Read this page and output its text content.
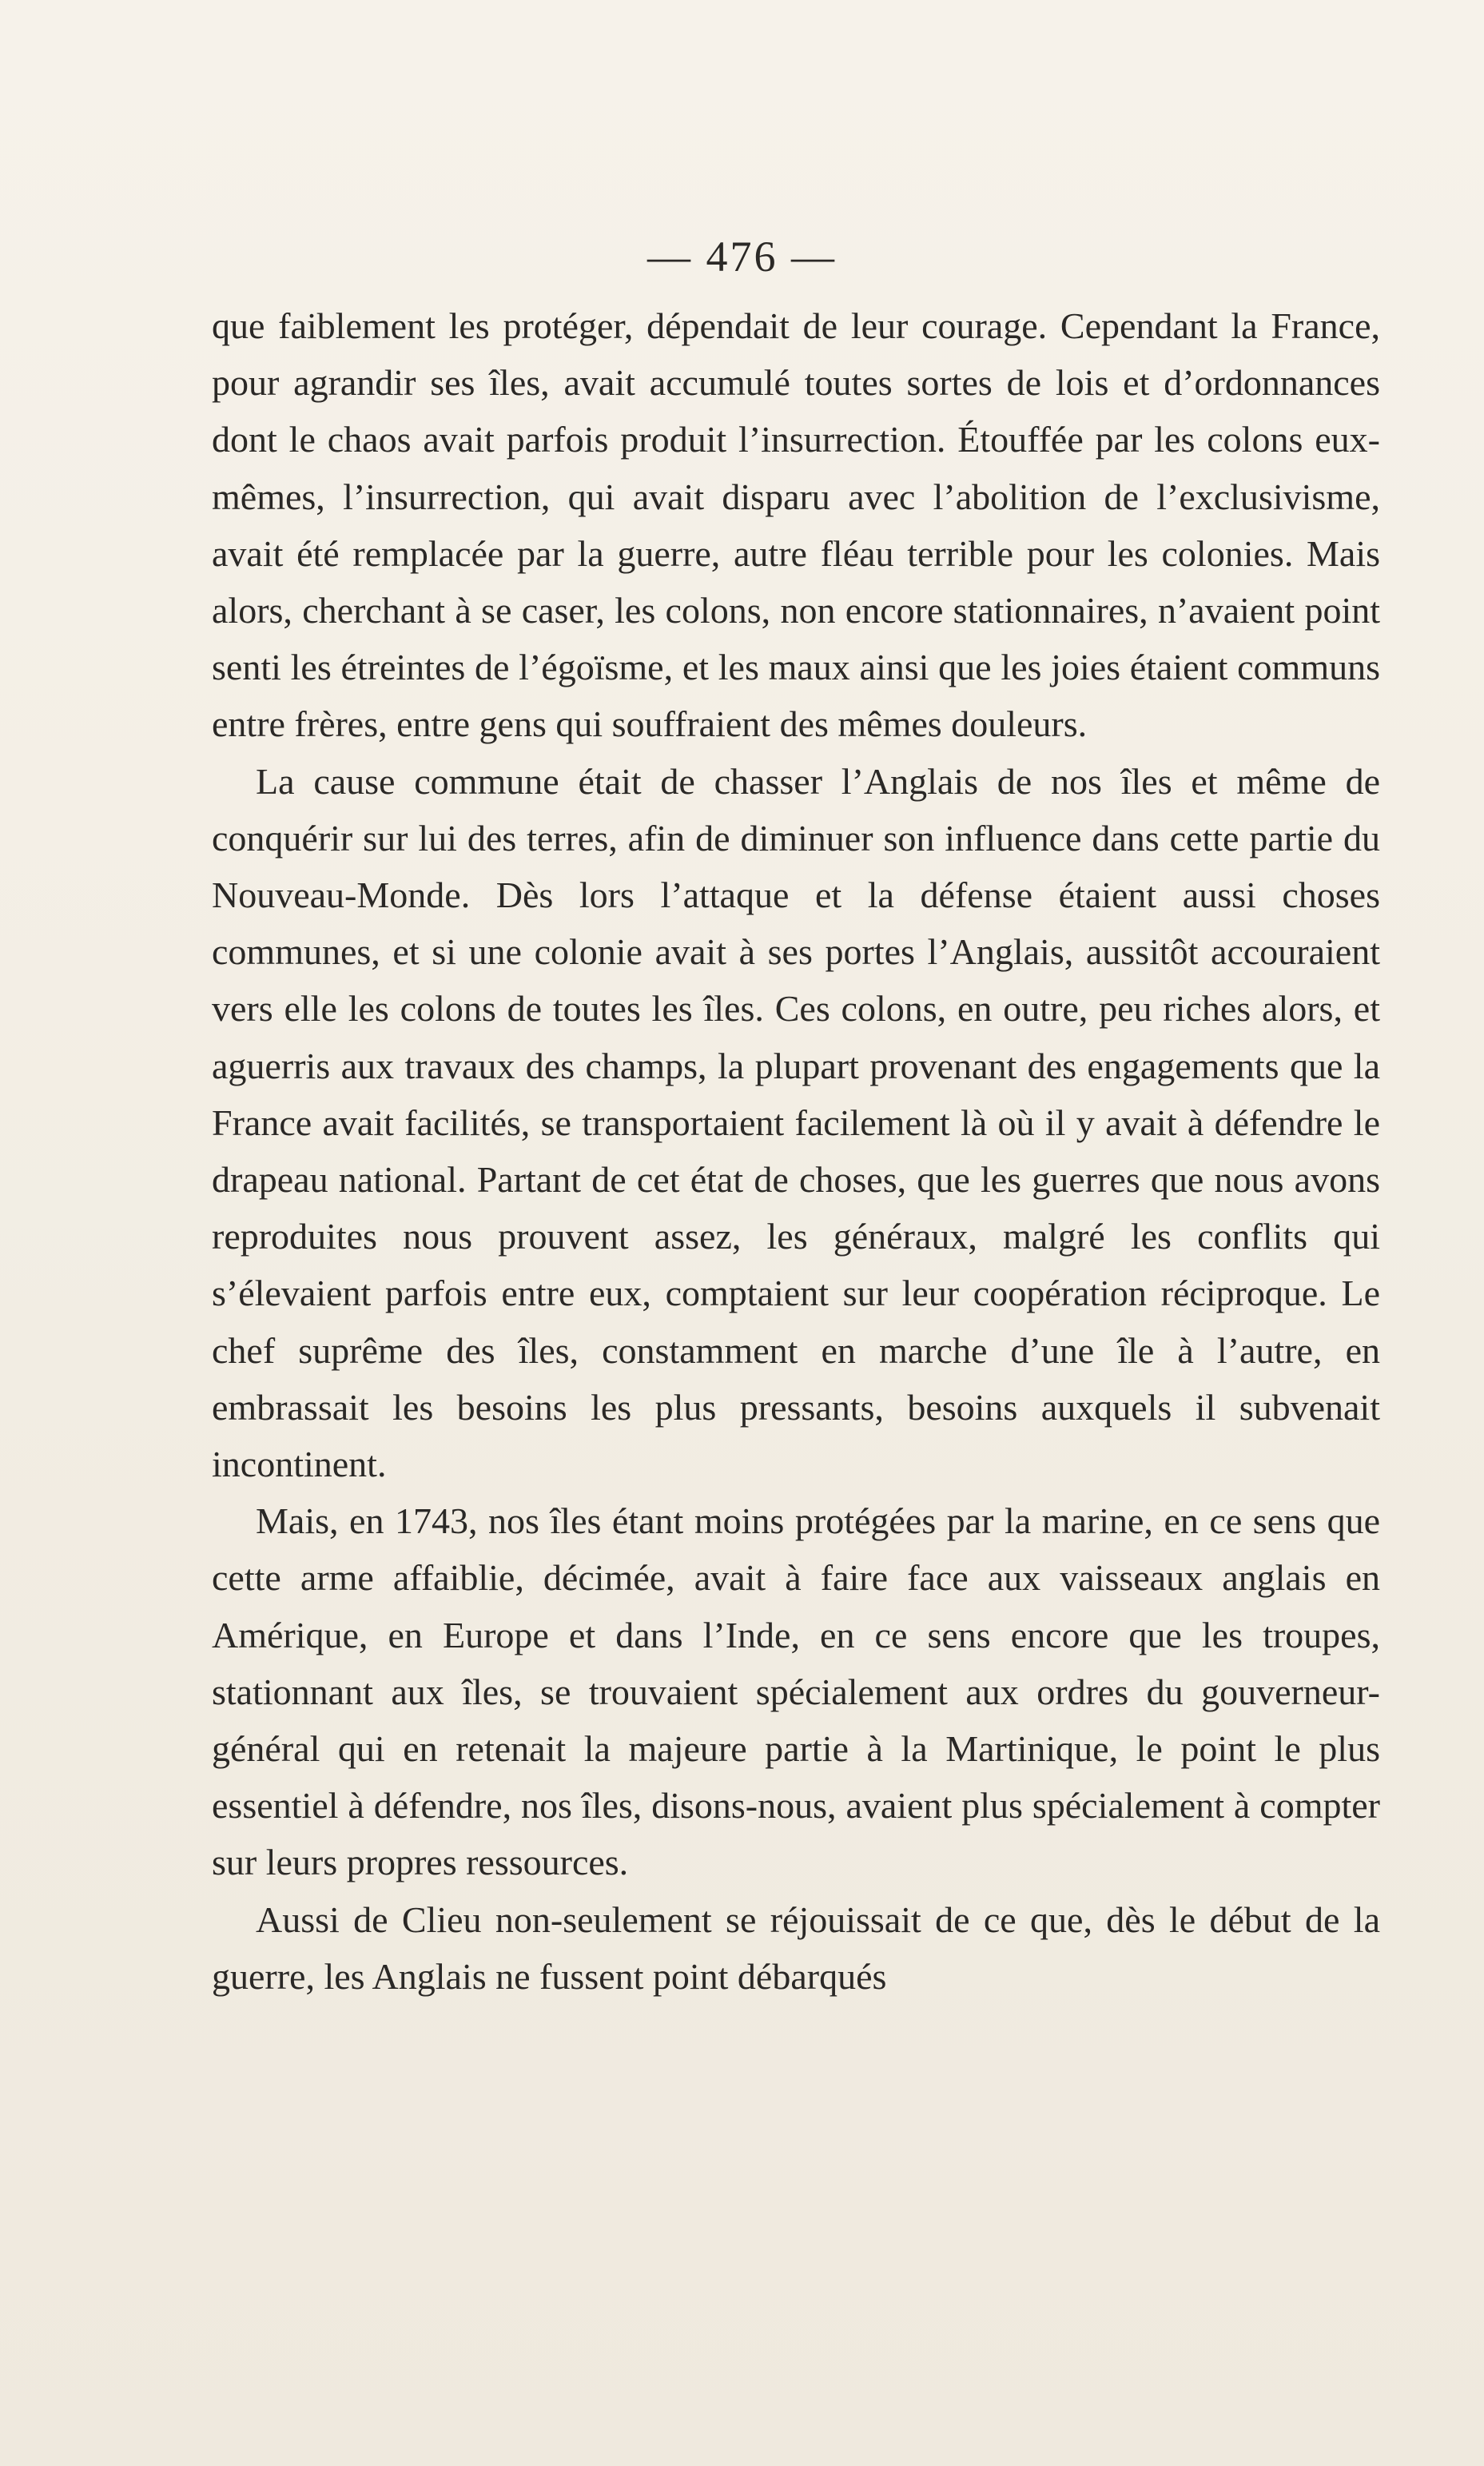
— 476 —

que faiblement les protéger, dépendait de leur courage. Cependant la France, pour agrandir ses îles, avait accumulé toutes sortes de lois et d’ordonnances dont le chaos avait parfois produit l’insurrection. Étouffée par les colons eux-mêmes, l’insurrection, qui avait disparu avec l’abolition de l’exclusivisme, avait été remplacée par la guerre, autre fléau terrible pour les colonies. Mais alors, cherchant à se caser, les colons, non encore stationnaires, n’avaient point senti les étreintes de l’égoïsme, et les maux ainsi que les joies étaient communs entre frères, entre gens qui souffraient des mêmes douleurs.

La cause commune était de chasser l’Anglais de nos îles et même de conquérir sur lui des terres, afin de diminuer son influence dans cette partie du Nouveau-Monde. Dès lors l’attaque et la défense étaient aussi choses communes, et si une colonie avait à ses portes l’Anglais, aussitôt accouraient vers elle les colons de toutes les îles. Ces colons, en outre, peu riches alors, et aguerris aux travaux des champs, la plupart provenant des engagements que la France avait facilités, se transportaient facilement là où il y avait à défendre le drapeau national. Partant de cet état de choses, que les guerres que nous avons reproduites nous prouvent assez, les généraux, malgré les conflits qui s’élevaient parfois entre eux, comptaient sur leur coopération réciproque. Le chef suprême des îles, constamment en marche d’une île à l’autre, en embrassait les besoins les plus pressants, besoins auxquels il subvenait incontinent.

Mais, en 1743, nos îles étant moins protégées par la marine, en ce sens que cette arme affaiblie, décimée, avait à faire face aux vaisseaux anglais en Amérique, en Europe et dans l’Inde, en ce sens encore que les troupes, stationnant aux îles, se trouvaient spécialement aux ordres du gouverneur-général qui en retenait la majeure partie à la Martinique, le point le plus essentiel à défendre, nos îles, disons-nous, avaient plus spécialement à compter sur leurs propres ressources.

Aussi de Clieu non-seulement se réjouissait de ce que, dès le début de la guerre, les Anglais ne fussent point débarqués
